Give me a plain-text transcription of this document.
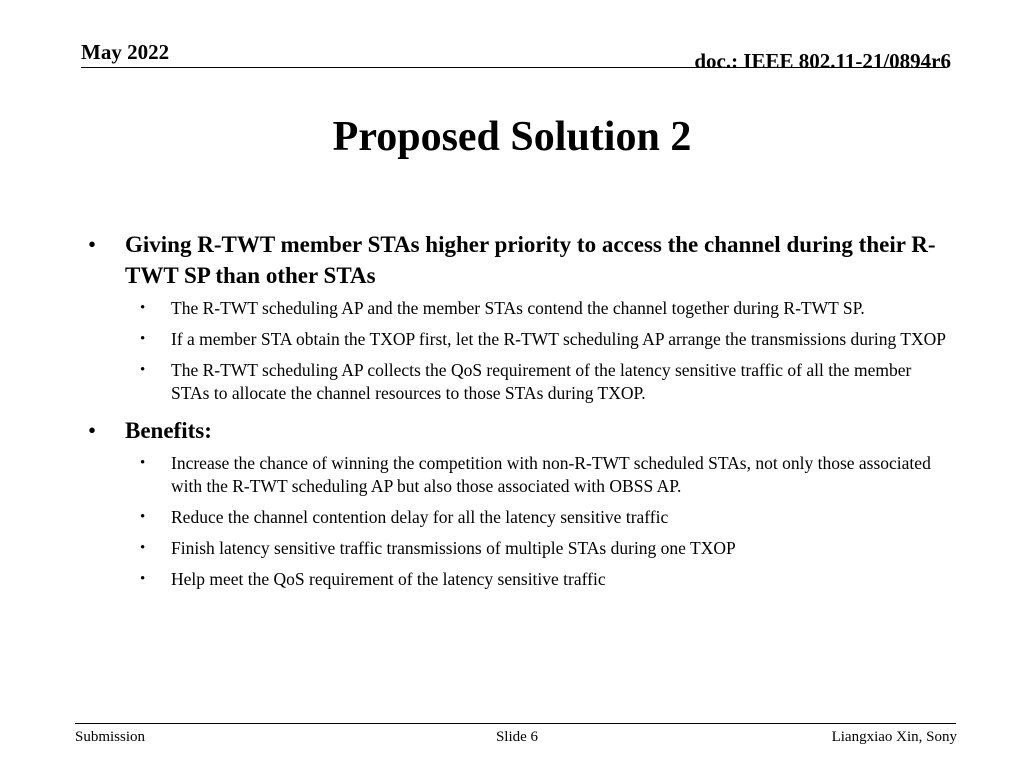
May 2022	doc.: IEEE 802.11-21/0894r6
Proposed Solution 2
• Giving R-TWT member STAs higher priority to access the channel during their R-TWT SP than other STAs
• The R-TWT scheduling AP and the member STAs contend the channel together during R-TWT SP.
• If a member STA obtain the TXOP first, let the R-TWT scheduling AP arrange the transmissions during TXOP
• The R-TWT scheduling AP collects the QoS requirement of the latency sensitive traffic of all the member STAs to allocate the channel resources to those STAs during TXOP.
• Benefits:
• Increase the chance of winning the competition with non-R-TWT scheduled STAs, not only those associated with the R-TWT scheduling AP but also those associated with OBSS AP.
• Reduce the channel contention delay for all the latency sensitive traffic
• Finish latency sensitive traffic transmissions of multiple STAs during one TXOP
• Help meet the QoS requirement of the latency sensitive traffic
Submission	Slide 6	Liangxiao Xin, Sony
